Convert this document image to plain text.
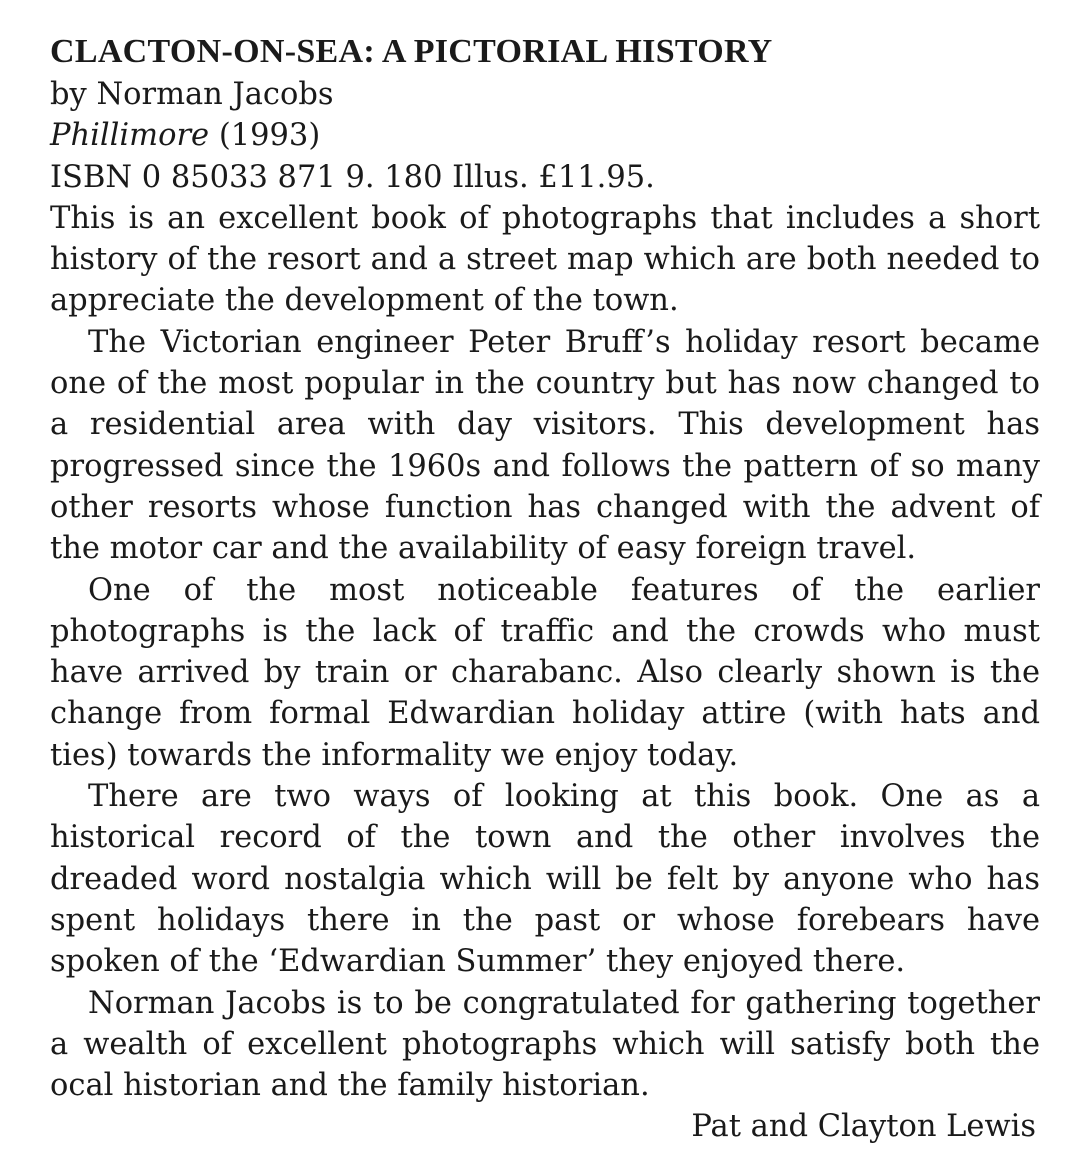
CLACTON-ON-SEA: A PICTORIAL HISTORY

by Norman Jacobs

Phillimore (1993)

ISBN 0 85033 871 9. 180 Illus. £11.95.

This is an excellent book of photographs that includes a short history of the resort and a street map which are both needed to appreciate the development of the town.

The Victorian engineer Peter Bruff’s holiday resort became one of the most popular in the country but has now changed to a residential area with day visitors. This development has progressed since the 1960s and follows the pattern of so many other resorts whose function has changed with the advent of the motor car and the availability of easy foreign travel.

One of the most noticeable features of the earlier photographs is the lack of traffic and the crowds who must have arrived by train or charabanc. Also clearly shown is the change from formal Edwardian holiday attire (with hats and ties) towards the informality we enjoy today.

There are two ways of looking at this book. One as a historical record of the town and the other involves the dreaded word nostalgia which will be felt by anyone who has spent holidays there in the past or whose forebears have spoken of the ‘Edwardian Summer’ they enjoyed there.

Norman Jacobs is to be congratulated for gathering together a wealth of excellent photographs which will satisfy both the ocal historian and the family historian.

Pat and Clayton Lewis
